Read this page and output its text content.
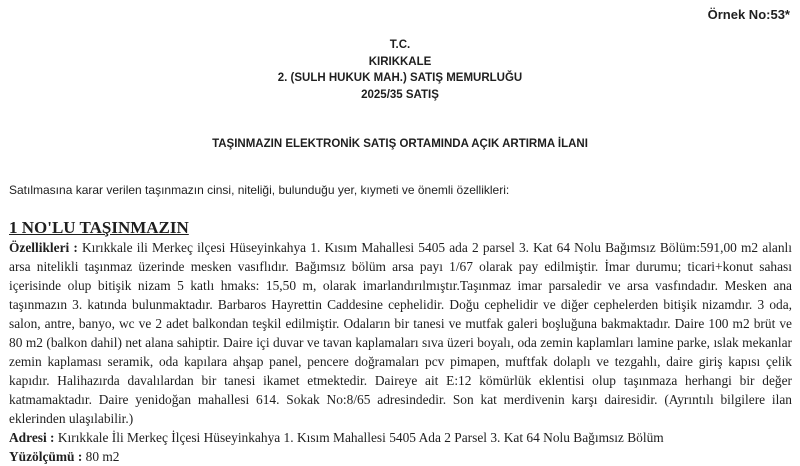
Örnek No:53*
T.C.
KIRIKKALE
2. (SULH HUKUK MAH.) SATIŞ MEMURLUĞU
2025/35 SATIŞ
TAŞINMAZIN ELEKTRONİK SATIŞ ORTAMINDA AÇIK ARTIRMA İLANI
Satılmasına karar verilen taşınmazın cinsi, niteliği, bulunduğu yer, kıymeti ve önemli özellikleri:
1 NO'LU TAŞINMAZIN

Özellikleri : Kırıkkale ili Merkeç ilçesi Hüseyinkahya 1. Kısım Mahallesi 5405 ada 2 parsel 3. Kat 64 Nolu Bağımsız Bölüm:591,00 m2 alanlı arsa nitelikli taşınmaz üzerinde mesken vasıflıdır. Bağımsız bölüm arsa payı 1/67 olarak pay edilmiştir. İmar durumu; ticari+konut sahası içerisinde olup bitişik nizam 5 katlı hmaks: 15,50 m, olarak imarlandırılmıştır.Taşınmaz imar parsaledir ve arsa vasfındadır. Mesken ana taşınmazın 3. katında bulunmaktadır. Barbaros Hayrettin Caddesine cephelidir. Doğu cephelidir ve diğer cephelerden bitişik nizamdır. 3 oda, salon, antre, banyo, wc ve 2 adet balkondan teşkil edilmiştir. Odaların bir tanesi ve mutfak galeri boşluğuna bakmaktadır. Daire 100 m2 brüt ve 80 m2 (balkon dahil) net alana sahiptir. Daire içi duvar ve tavan kaplamaları sıva üzeri boyalı, oda zemin kaplamları lamine parke, ıslak mekanlar zemin kaplaması seramik, oda kapılara ahşap panel, pencere doğramaları pcv pimapen, muftfak dolaplı ve tezgahlı, daire giriş kapısı çelik kapıdır. Halihazırda davalılardan bir tanesi ikamet etmektedir. Daireye ait E:12 kömürlük eklentisi olup taşınmaza herhangi bir değer katmamaktadır. Daire yenidoğan mahallesi 614. Sokak No:8/65 adresindedir. Son kat merdivenin karşı dairesidir. (Ayrıntılı bilgilere ilan eklerinden ulaşılabilir.)

Adresi : Kırıkkale İli Merkeç İlçesi Hüseyinkahya 1. Kısım Mahallesi 5405 Ada 2 Parsel 3. Kat 64 Nolu Bağımsız Bölüm

Yüzölçümü : 80 m2
